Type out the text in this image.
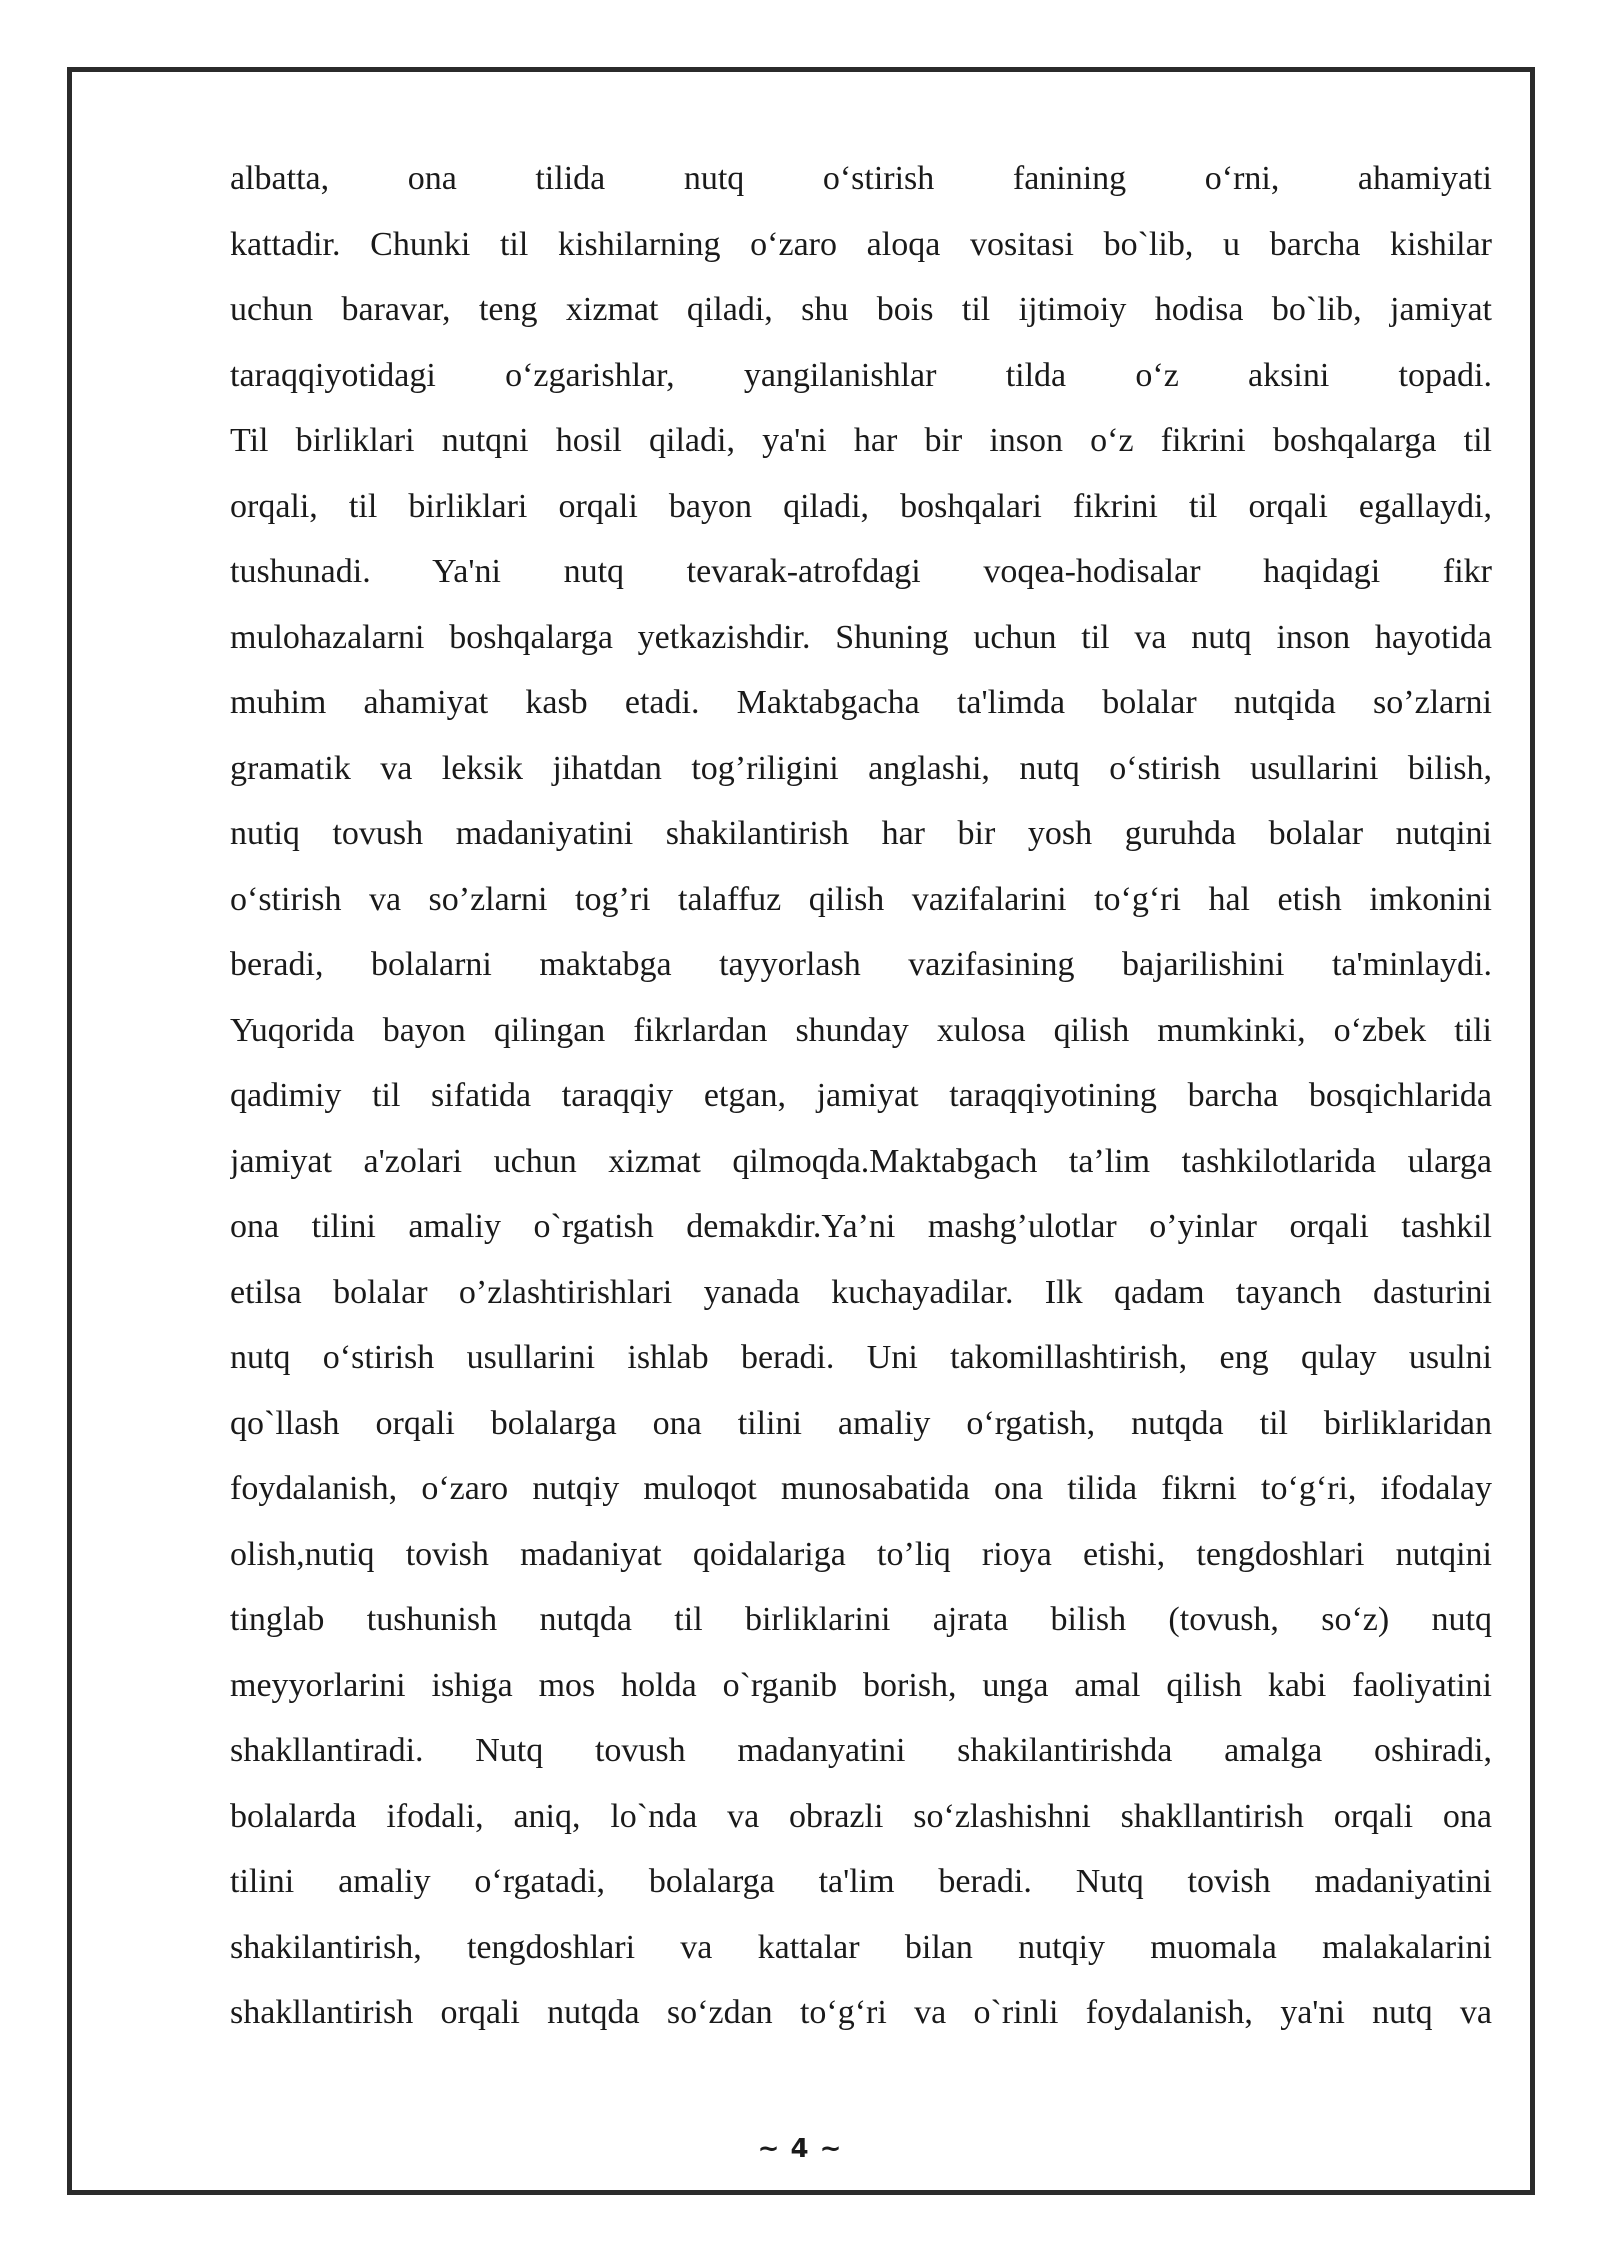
albatta, ona tilida nutq o‘stirish fanining o‘rni, ahamiyati
kattadir. Chunki til kishilarning o‘zaro aloqa vositasi bo`lib, u barcha kishilar
uchun baravar, teng xizmat qiladi, shu bois til ijtimoiy hodisa bo`lib, jamiyat
taraqqiyotidagi o‘zgarishlar, yangilanishlar tilda o‘z aksini topadi.
Til birliklari nutqni hosil qiladi, ya'ni har bir inson o‘z fikrini boshqalarga til
orqali, til birliklari orqali bayon qiladi, boshqalari fikrini til orqali egallaydi,
tushunadi. Ya'ni nutq tevarak-atrofdagi voqea-hodisalar haqidagi fikr
mulohazalarni boshqalarga yetkazishdir. Shuning uchun til va nutq inson hayotida
muhim ahamiyat kasb etadi. Maktabgacha ta'limda bolalar nutqida so’zlarni
gramatik va leksik jihatdan tog’riligini anglashi, nutq o‘stirish usullarini bilish,
nutiq tovush madaniyatini shakilantirish har bir yosh guruhda bolalar nutqini
o‘stirish va so’zlarni tog’ri talaffuz qilish vazifalarini to‘g‘ri hal etish imkonini
beradi, bolalarni maktabga tayyorlash vazifasining bajarilishini ta'minlaydi.
Yuqorida bayon qilingan fikrlardan shunday xulosa qilish mumkinki, o‘zbek tili
qadimiy til sifatida taraqqiy etgan, jamiyat taraqqiyotining barcha bosqichlarida
jamiyat a'zolari uchun xizmat qilmoqda.Maktabgach ta’lim tashkilotlarida ularga
ona tilini amaliy o`rgatish demakdir.Ya’ni mashg’ulotlar o’yinlar orqali tashkil
etilsa bolalar o’zlashtirishlari yanada kuchayadilar. Ilk qadam tayanch dasturini
nutq o‘stirish usullarini ishlab beradi. Uni takomillashtirish, eng qulay usulni
qo`llash orqali bolalarga ona tilini amaliy o‘rgatish, nutqda til birliklaridan
foydalanish, o‘zaro nutqiy muloqot munosabatida ona tilida fikrni to‘g‘ri, ifodalay
olish,nutiq tovish madaniyat qoidalariga to’liq rioya etishi, tengdoshlari nutqini
tinglab tushunish nutqda til birliklarini ajrata bilish (tovush, so‘z) nutq
meyyorlarini ishiga mos holda o`rganib borish, unga amal qilish kabi faoliyatini
shakllantiradi. Nutq tovush madanyatini shakilantirishda amalga oshiradi,
bolalarda ifodali, aniq, lo`nda va obrazli so‘zlashishni shakllantirish orqali ona
tilini amaliy o‘rgatadi, bolalarga ta'lim beradi. Nutq tovish madaniyatini
shakilantirish, tengdoshlari va kattalar bilan nutqiy muomala malakalarini
shakllantirish orqali nutqda so‘zdan to‘g‘ri va o`rinli foydalanish, ya'ni nutq va
~ 4 ~
